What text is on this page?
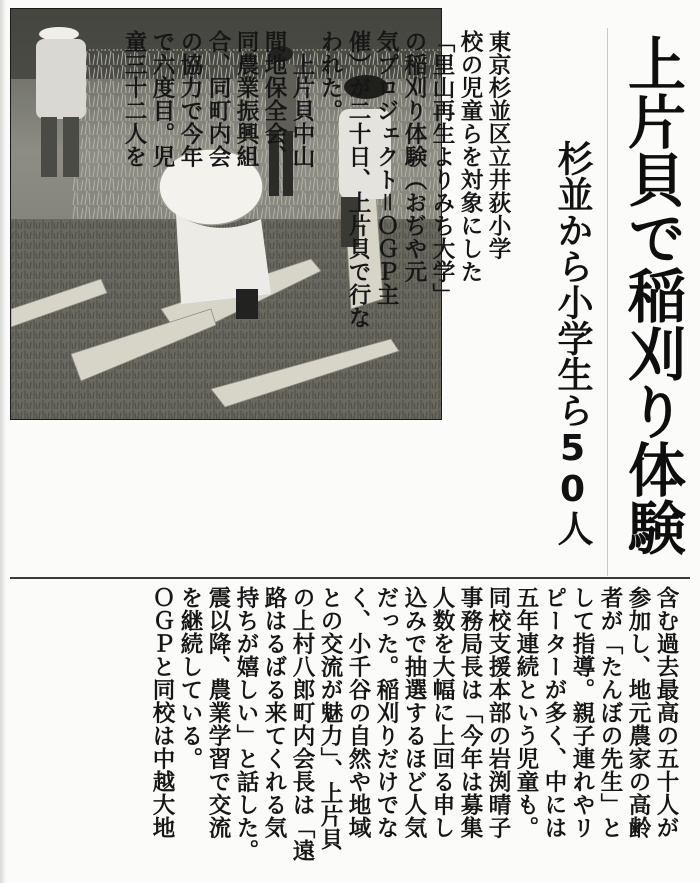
上片貝で稲刈り体験
杉並から小学生ら50人
東京杉並区立井荻小学
校の児童らを対象にした
「里山再生よりみち大学」
の稲刈り体験（おぢや元
気プロジェクト＝ＯＧＰ主
催）が二十日、上片貝で行な
われた。
　上片貝中山
間地保全会、
同農業振興組
合、同町内会
の協力で今年
で六度目。児
童三十二人を
含む過去最高の五十人が
参加し、地元農家の高齢
者が「たんぼの先生」と
して指導。親子連れやリ
ピーターが多く、中には
五年連続という児童も。
同校支援本部の岩渕晴子
事務局長は「今年は募集
人数を大幅に上回る申し
込みで抽選するほど人気
だった。稲刈りだけでな
く、小千谷の自然や地域
との交流が魅力」、上片貝
の上村八郎町内会長は「遠
路はるばる来てくれる気
持ちが嬉しい」と話した。
震以降、農業学習で交流
を継続している。
ＯＧＰと同校は中越大地
